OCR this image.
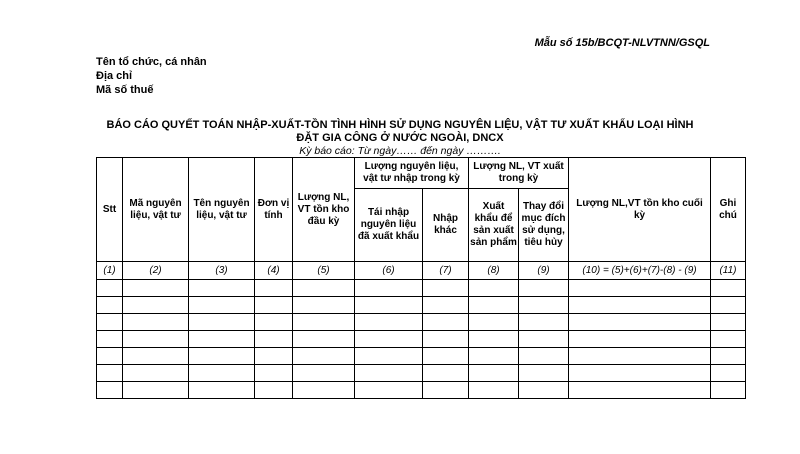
Mẫu số 15b/BCQT-NLVTNN/GSQL
Tên tổ chức, cá nhân
Địa chỉ
Mã số thuế
BÁO CÁO QUYẾT TOÁN NHẬP-XUẤT-TỒN TÌNH HÌNH SỬ DỤNG NGUYÊN LIỆU, VẬT TƯ XUẤT KHẨU LOẠI HÌNH
ĐẶT GIA CÔNG Ở NƯỚC NGOÀI, DNCX
Kỳ báo cáo: Từ ngày…… đến ngày ……….
Stt	Mã nguyên liệu, vật tư	Tên nguyên liệu, vật tư	Đơn vị tính	Lượng NL, VT tồn kho đầu kỳ	Lượng nguyên liệu, vật tư nhập trong kỳ		Lượng NL, VT xuất trong kỳ		Lượng NL,VT tồn kho cuối kỳ	Ghi chú
					Tái nhập nguyên liệu đã xuất khẩu	Nhập khác	Xuất khẩu để sản xuất sản phẩm	Thay đổi mục đích sử dụng, tiêu hủy		
(1)	(2)	(3)	(4)	(5)	(6)	(7)	(8)	(9)	(10) = (5)+(6)+(7)-(8) - (9)	(11)
